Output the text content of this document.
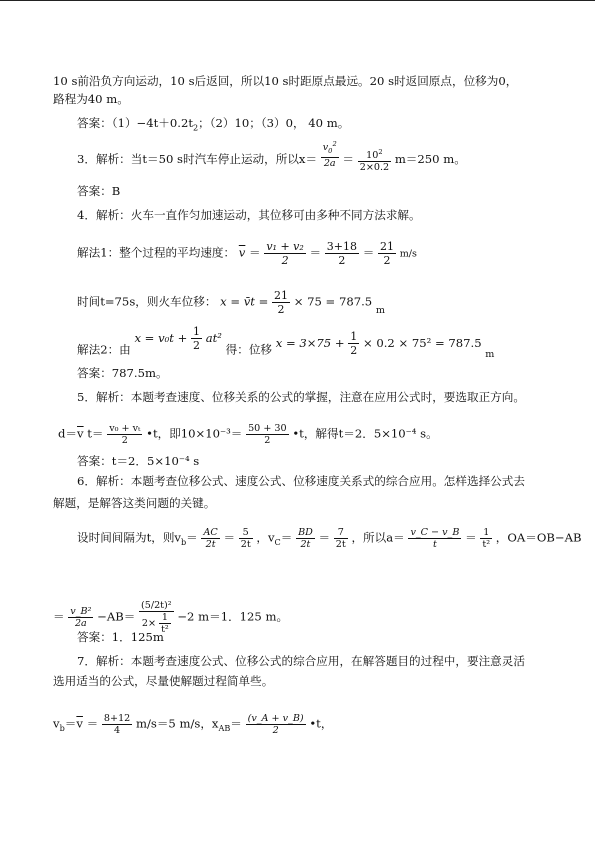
10 s前沿负方向运动，10 s后返回，所以10 s时距原点最远。20 s时返回原点，位移为0，
路程为40 m。
答案：$(1)-4t+0.2t_2$；（2）10；（3）0， 40 m。
3．解析：当t＝50 s时汽车停止运动，所以$x= \frac{v_0^2}{2a} = \frac{10^2}{2\times 0.2} m=250$ m。
答案：B
4．解析：火车一直作匀加速运动，其位移可由多种不同方法求解。
解法1：整个过程的平均速度： $\overline{v} = \frac{\text{v₁ + v₂}}{2} = \frac{3+18}{2} = \frac{21}{2} m/s$
时间t=75s，则火车位移： x = v̄t = $\frac{21}{2} \times 75 = 787.5$ $_m$
解法2：由 $x = v_0t + \frac{1}{2} at^2$ 得：位移 $x = 3\times 75 + \frac{1}{2} \times 0.2 \times 75^2 = 787.5$ $_m$
答案：787.5m。
5．解析：本题考查速度、位移关系的公式的掌握，注意在应用公式时，要选取正方向。
$d=\overline{v}$ $t= \frac{\text{v₀ + vₜ}}{2}$ •t，即$10\times 10^{-3}= \frac{50 + 30}{2}$ •t，解得t＝2．5×10⁻⁴ s。
答案：t＝2．5×10⁻⁴ s
6．解析：本题考查位移公式、速度公式、位移速度关系式的综合应用。怎样选择公式去
解题，是解答这类问题的关键。
设时间间隔为t，则$v_b= \frac{AC}{2t} = \frac{5}{2t}$ ，$v_C= \frac{BD}{2t} = \frac{7}{2t}$ ，所以$a= \frac{v\_C - v\_B}{t} = \frac{1}{\text{t²}}$ ，OA＝OB−AB
＝ $\frac{\text{v\_B²}}{2a} -AB= \frac{\text{(5/2t)²}}{2\times \frac{1}{\text{t²}}} -2$ m＝1．125 m。
答案：1．125m
7．解析：本题考查速度公式、位移公式的综合应用，在解答题目的过程中，要注意灵活
选用适当的公式，尽量使解题过程简单些。
$v_b=\overline{v} = \frac{8+12}{4} m/s=5$ m/s，$x_{AB}= \frac{(v\_A + v\_B)}{2}$ •t，
